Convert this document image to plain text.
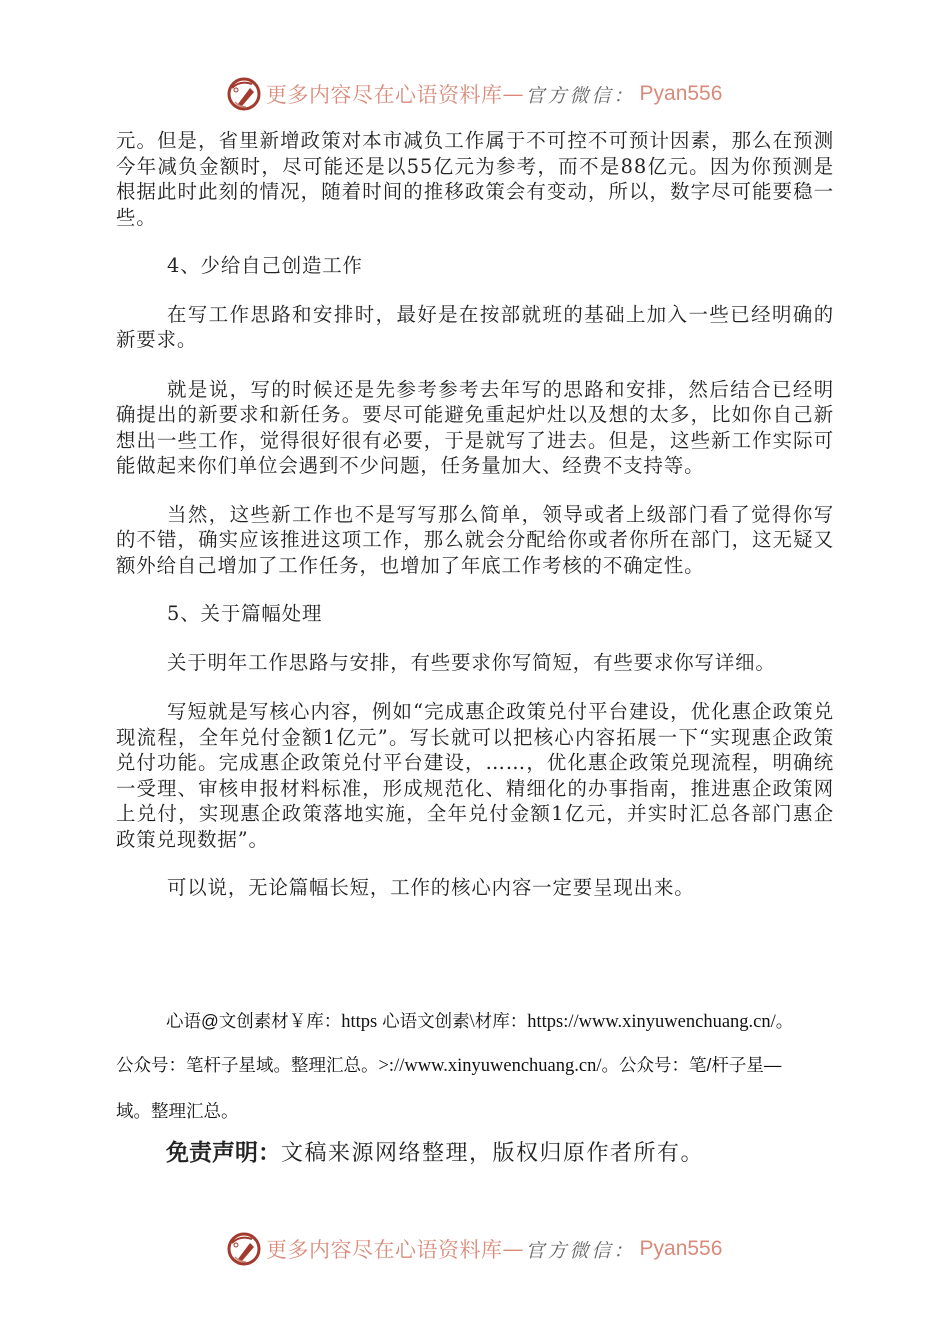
更多内容尽在心语资料库 — 官方微信： Pyan556

元。但是，省里新增政策对本市减负工作属于不可控不可预计因素，那么在预测今年减负金额时，尽可能还是以55亿元为参考，而不是88亿元。因为你预测是根据此时此刻的情况，随着时间的推移政策会有变动，所以，数字尽可能要稳一些。

4、少给自己创造工作

在写工作思路和安排时，最好是在按部就班的基础上加入一些已经明确的新要求。

就是说，写的时候还是先参考参考去年写的思路和安排，然后结合已经明确提出的新要求和新任务。要尽可能避免重起炉灶以及想的太多，比如你自己新想出一些工作，觉得很好很有必要，于是就写了进去。但是，这些新工作实际可能做起来你们单位会遇到不少问题，任务量加大、经费不支持等。

当然，这些新工作也不是写写那么简单，领导或者上级部门看了觉得你写的不错，确实应该推进这项工作，那么就会分配给你或者你所在部门，这无疑又额外给自己增加了工作任务，也增加了年底工作考核的不确定性。

5、关于篇幅处理

关于明年工作思路与安排，有些要求你写简短，有些要求你写详细。

写短就是写核心内容，例如“完成惠企政策兑付平台建设，优化惠企政策兑现流程，全年兑付金额1亿元”。写长就可以把核心内容拓展一下“实现惠企政策兑付功能。完成惠企政策兑付平台建设，……，优化惠企政策兑现流程，明确统一受理、审核申报材料标准，形成规范化、精细化的办事指南，推进惠企政策网上兑付，实现惠企政策落地实施，全年兑付金额1亿元，并实时汇总各部门惠企政策兑现数据”。

可以说，无论篇幅长短，工作的核心内容一定要呈现出来。

心语@文创素材￥库：https 心语文创素\材库：https://www.xinyuwenchuang.cn/。
公众号：笔杆子星域。整理汇总。>://www.xinyuwenchuang.cn/。公众号：笔/杆子星—
域。整理汇总。
免责声明：文稿来源网络整理，版权归原作者所有。
更多内容尽在心语资料库 — 官方微信： Pyan556
